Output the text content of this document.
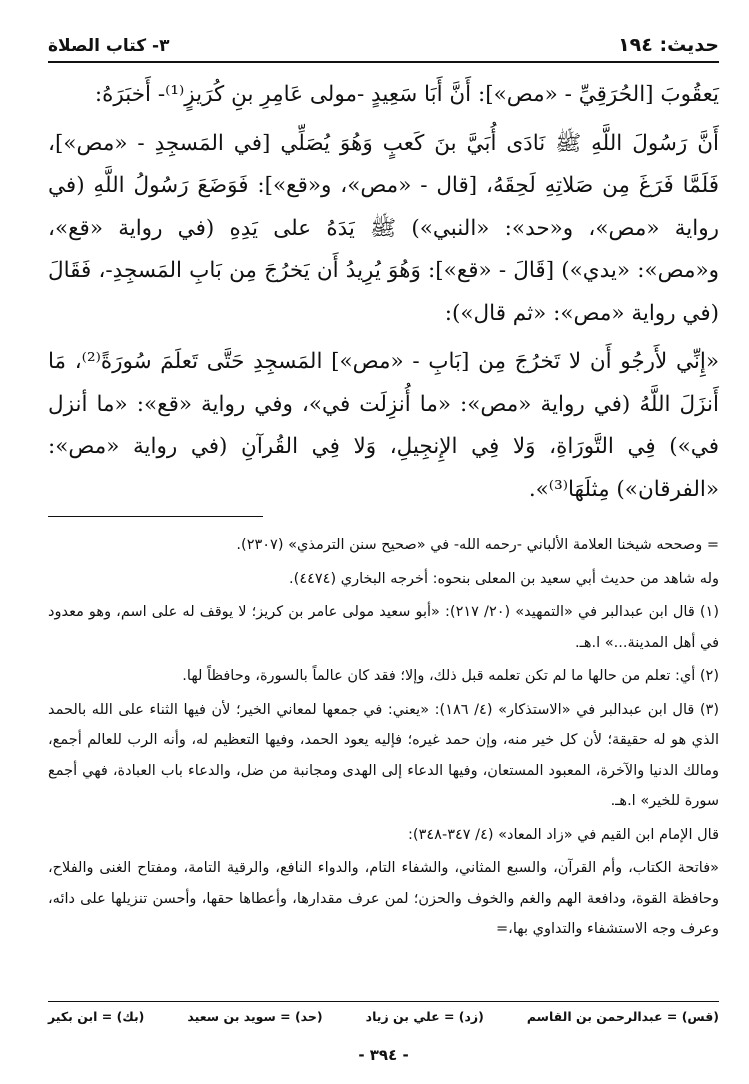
حديث: ١٩٤
٣- كتاب الصلاة

يَعقُوبَ [الحُرَقِيِّ - «مص»]: أَنَّ أَبَا سَعِيدٍ -مولى عَامِرِ بنِ كُرَيزٍ⁽¹⁾- أَخبَرَهُ:

أَنَّ رَسُولَ اللَّهِ ﷺ نَادَى أُبَيَّ بنَ كَعبٍ وَهُوَ يُصَلِّي [في المَسجِدِ - «مص»]، فَلَمَّا فَرَغَ مِن صَلاتِهِ لَحِقَهُ، [قال - «مص»، و«قع»]: فَوَضَعَ رَسُولُ اللَّهِ (في رواية «مص»، و«حد»: «النبي») ﷺ يَدَهُ على يَدِهِ (في رواية «قع»، و«مص»: «يدي») [قَالَ - «قع»]: وَهُوَ يُرِيدُ أَن يَخرُجَ مِن بَابِ المَسجِدِ-، فَقَالَ (في رواية «مص»: «ثم قال»):

«إِنِّي لأَرجُو أَن لا تَخرُجَ مِن [بَابِ - «مص»] المَسجِدِ حَتَّى تَعلَمَ سُورَةً⁽²⁾، مَا أَنزَلَ اللَّهُ (في رواية «مص»: «ما أُنزِلَت في»، وفي رواية «قع»: «ما أنزل في») فِي التَّورَاةِ، وَلا فِي الإِنجِيلِ، وَلا فِي القُرآنِ (في رواية «مص»: «الفرقان») مِثلَهَا⁽³⁾».

= وصححه شيخنا العلامة الألباني -رحمه الله- في «صحيح سنن الترمذي» (٢٣٠٧).

وله شاهد من حديث أبي سعيد بن المعلى بنحوه: أخرجه البخاري (٤٤٧٤).

(١) قال ابن عبدالبر في «التمهيد» (٢٠/ ٢١٧): «أبو سعيد مولى عامر بن كريز؛ لا يوقف له على اسم، وهو معدود في أهل المدينة...» ا.هـ.

(٢) أي: تعلم من حالها ما لم تكن تعلمه قبل ذلك، وإلا؛ فقد كان عالماً بالسورة، وحافظاً لها.

(٣) قال ابن عبدالبر في «الاستذكار» (٤/ ١٨٦): «يعني: في جمعها لمعاني الخير؛ لأن فيها الثناء على الله بالحمد الذي هو له حقيقة؛ لأن كل خير منه، وإن حمد غيره؛ فإليه يعود الحمد، وفيها التعظيم له، وأنه الرب للعالم أجمع، ومالك الدنيا والآخرة، المعبود المستعان، وفيها الدعاء إلى الهدى ومجانبة من ضل، والدعاء باب العبادة، فهي أجمع سورة للخير» ا.هـ.

قال الإمام ابن القيم في «زاد المعاد» (٤/ ٣٤٧-٣٤٨):

«فاتحة الكتاب، وأم القرآن، والسبع المثاني، والشفاء التام، والدواء النافع، والرقية التامة، ومفتاح الغنى والفلاح، وحافظة القوة، ودافعة الهم والغم والخوف والحزن؛ لمن عرف مقدارها، وأعطاها حقها، وأحسن تنزيلها على دائه، وعرف وجه الاستشفاء والتداوي بها،=

(قس) = عبدالرحمن بن القاسم
(زد) = علي بن زياد
(حد) = سويد بن سعيد
(بك) = ابن بكير
- ٣٩٤ -
